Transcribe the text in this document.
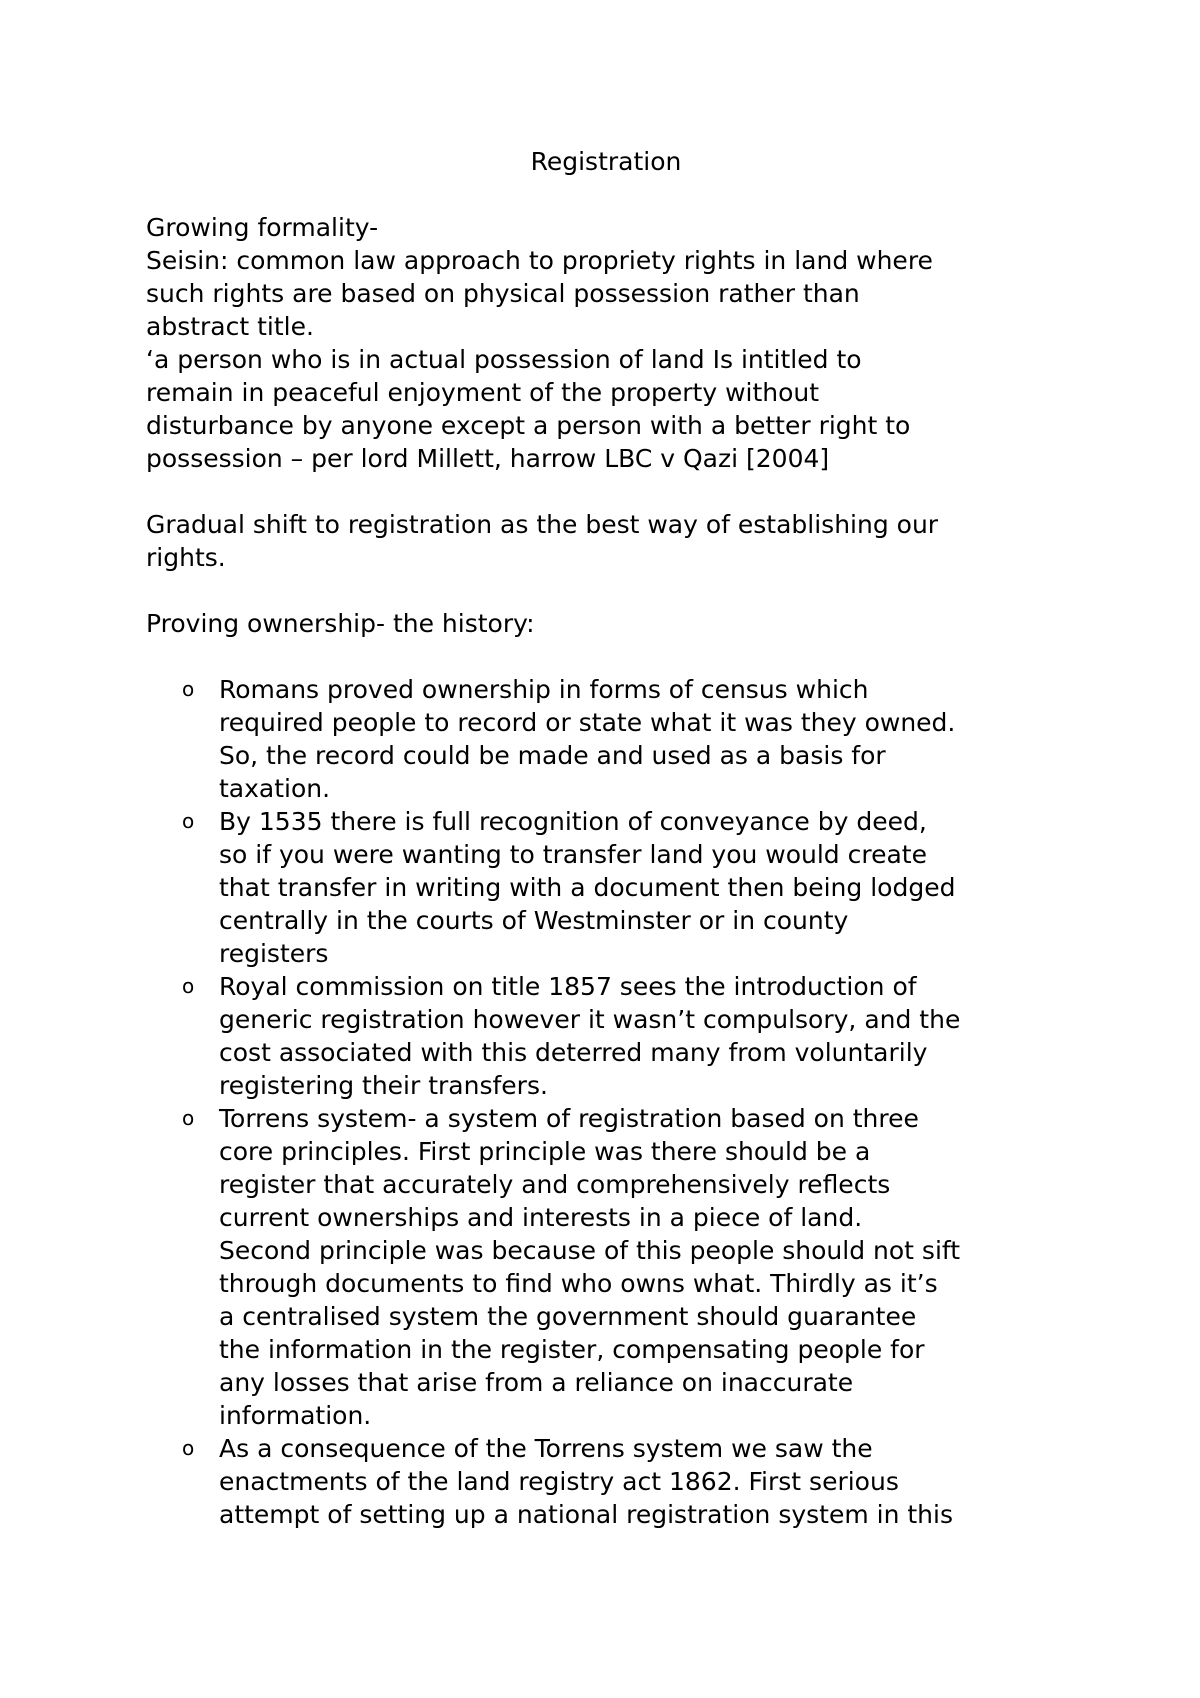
Registration

Growing formality-

Seisin: common law approach to propriety rights in land where
such rights are based on physical possession rather than
abstract title.

‘a person who is in actual possession of land Is intitled to
remain in peaceful enjoyment of the property without
disturbance by anyone except a person with a better right to
possession – per lord Millett, harrow LBC v Qazi [2004]

Gradual shift to registration as the best way of establishing our
rights.

Proving ownership- the history:

o Romans proved ownership in forms of census which
required people to record or state what it was they owned.
So, the record could be made and used as a basis for
taxation.
o By 1535 there is full recognition of conveyance by deed,
so if you were wanting to transfer land you would create
that transfer in writing with a document then being lodged
centrally in the courts of Westminster or in county
registers
o Royal commission on title 1857 sees the introduction of
generic registration however it wasn’t compulsory, and the
cost associated with this deterred many from voluntarily
registering their transfers.
o Torrens system- a system of registration based on three
core principles. First principle was there should be a
register that accurately and comprehensively reflects
current ownerships and interests in a piece of land.
Second principle was because of this people should not sift
through documents to find who owns what. Thirdly as it’s
a centralised system the government should guarantee
the information in the register, compensating people for
any losses that arise from a reliance on inaccurate
information.
o As a consequence of the Torrens system we saw the
enactments of the land registry act 1862. First serious
attempt of setting up a national registration system in this
